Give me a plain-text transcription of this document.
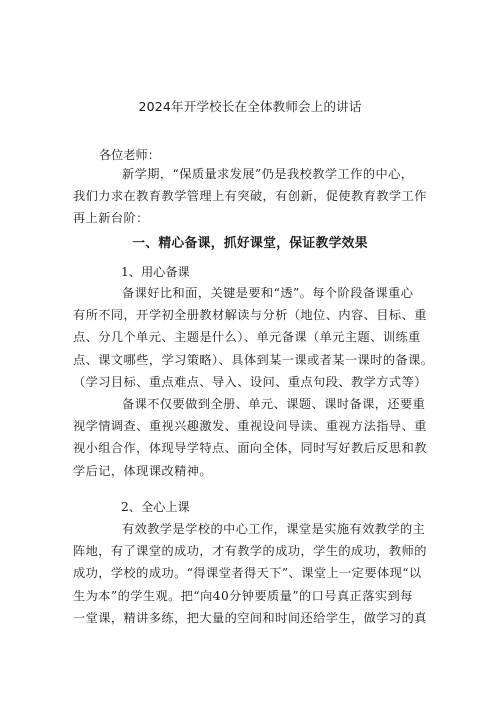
2024年开学校长在全体教师会上的讲话
各位老师：
新学期，“保质量求发展”仍是我校教学工作的中心，
我们力求在教育教学管理上有突破，有创新，促使教育教学工作
再上新台阶：
一、精心备课，抓好课堂，保证教学效果
1、用心备课
备课好比和面，关键是要和“透”。每个阶段备课重心
有所不同，开学初全册教材解读与分析（地位、内容、目标、重
点、分几个单元、主题是什么）、单元备课（单元主题、训练重
点、课文哪些，学习策略）、具体到某一课或者某一课时的备课。
（学习目标、重点难点、导入、设问、重点句段、教学方式等）
备课不仅要做到全册、单元、课题、课时备课，还要重
视学情调查、重视兴趣激发、重视设问导读、重视方法指导、重
视小组合作，体现导学特点、面向全体，同时写好教后反思和教
学后记，体现课改精神。
2、全心上课
有效教学是学校的中心工作，课堂是实施有效教学的主
阵地，有了课堂的成功，才有教学的成功，学生的成功，教师的
成功，学校的成功。“得课堂者得天下”、课堂上一定要体现“以
生为本”的学生观。把“向40分钟要质量”的口号真正落实到每
一堂课，精讲多练，把大量的空间和时间还给学生，做学习的真
